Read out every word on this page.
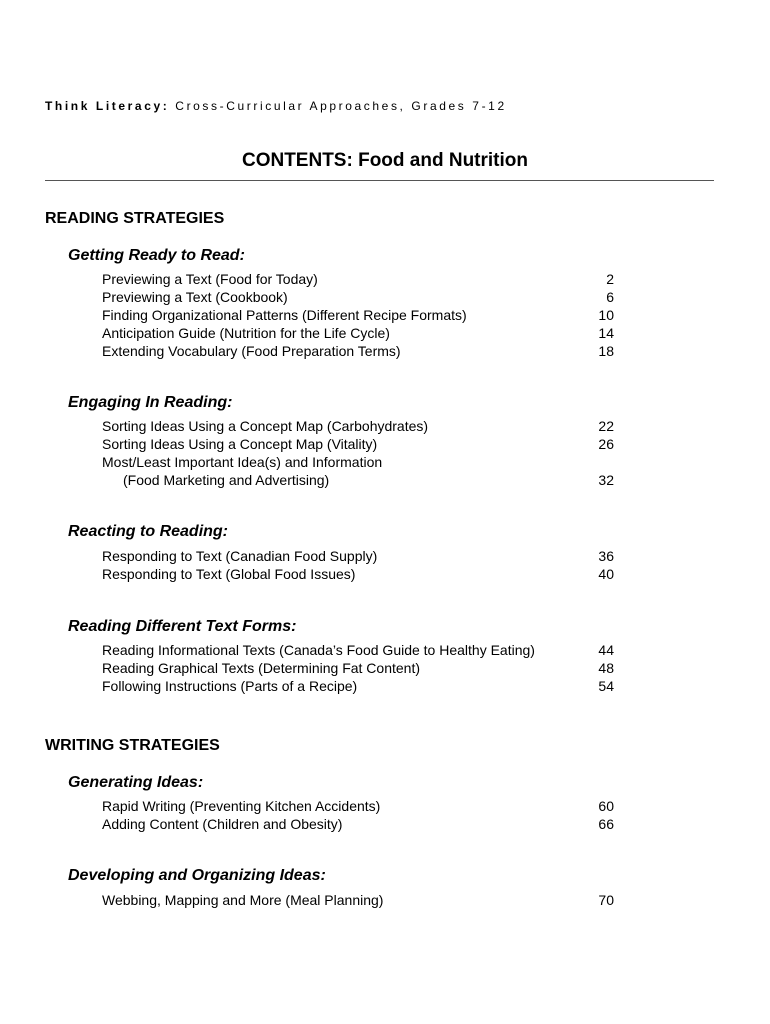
Think Literacy: Cross-Curricular Approaches, Grades 7-12
CONTENTS: Food and Nutrition
READING STRATEGIES
Getting Ready to Read:
Previewing a Text (Food for Today)	2
Previewing a Text (Cookbook)	6
Finding Organizational Patterns (Different Recipe Formats)	10
Anticipation Guide (Nutrition for the Life Cycle)	14
Extending Vocabulary (Food Preparation Terms)	18
Engaging In Reading:
Sorting Ideas Using a Concept Map (Carbohydrates)	22
Sorting Ideas Using a Concept Map (Vitality)	26
Most/Least Important Idea(s) and Information
(Food Marketing and Advertising)	32
Reacting to Reading:
Responding to Text (Canadian Food Supply)	36
Responding to Text (Global Food Issues)	40
Reading Different Text Forms:
Reading Informational Texts (Canada’s Food Guide to Healthy Eating)	44
Reading Graphical Texts (Determining Fat Content)	48
Following Instructions (Parts of a Recipe)	54
WRITING STRATEGIES
Generating Ideas:
Rapid Writing (Preventing Kitchen Accidents)	60
Adding Content (Children and Obesity)	66
Developing and Organizing Ideas:
Webbing, Mapping and More (Meal Planning)	70
